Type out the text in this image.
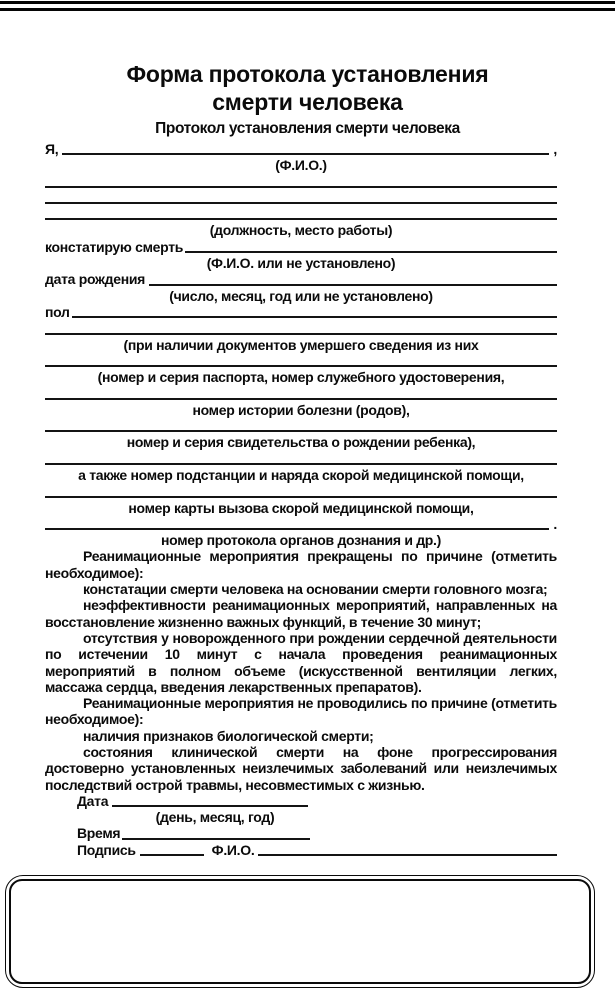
Форма протокола установления
смерти человека
Протокол установления смерти человека
Я,	,
(Ф.И.О.)
(должность, место работы)
констатирую смерть
(Ф.И.О. или не установлено)
дата рождения
(число, месяц, год или не установлено)
пол
(при наличии документов умершего сведения из них
(номер и серия паспорта, номер служебного удостоверения,
номер истории болезни (родов),
номер и серия свидетельства о рождении ребенка),
а также номер подстанции и наряда скорой медицинской помощи,
номер карты вызова скорой медицинской помощи,
.
номер протокола органов дознания и др.)

Реанимационные мероприятия прекращены по причине (отметить необходимое):

констатации смерти человека на основании смерти головного мозга;

неэффективности реанимационных мероприятий, направленных на восстановление жизненно важных функций, в течение 30 минут;

отсутствия у новорожденного при рождении сердечной деятельности по истечении 10 минут с начала проведения реанимационных мероприятий в полном объеме (искусственной вентиляции легких, массажа сердца, введения лекарственных препаратов).

Реанимационные мероприятия не проводились по причине (отметить необходимое):

наличия признаков биологической смерти;

состояния клинической смерти на фоне прогрессирования достоверно установленных неизлечимых заболеваний или неизлечимых последствий острой травмы, несовместимых с жизнью.

Дата
(день, месяц, год)
Время
Подпись	Ф.И.О.
